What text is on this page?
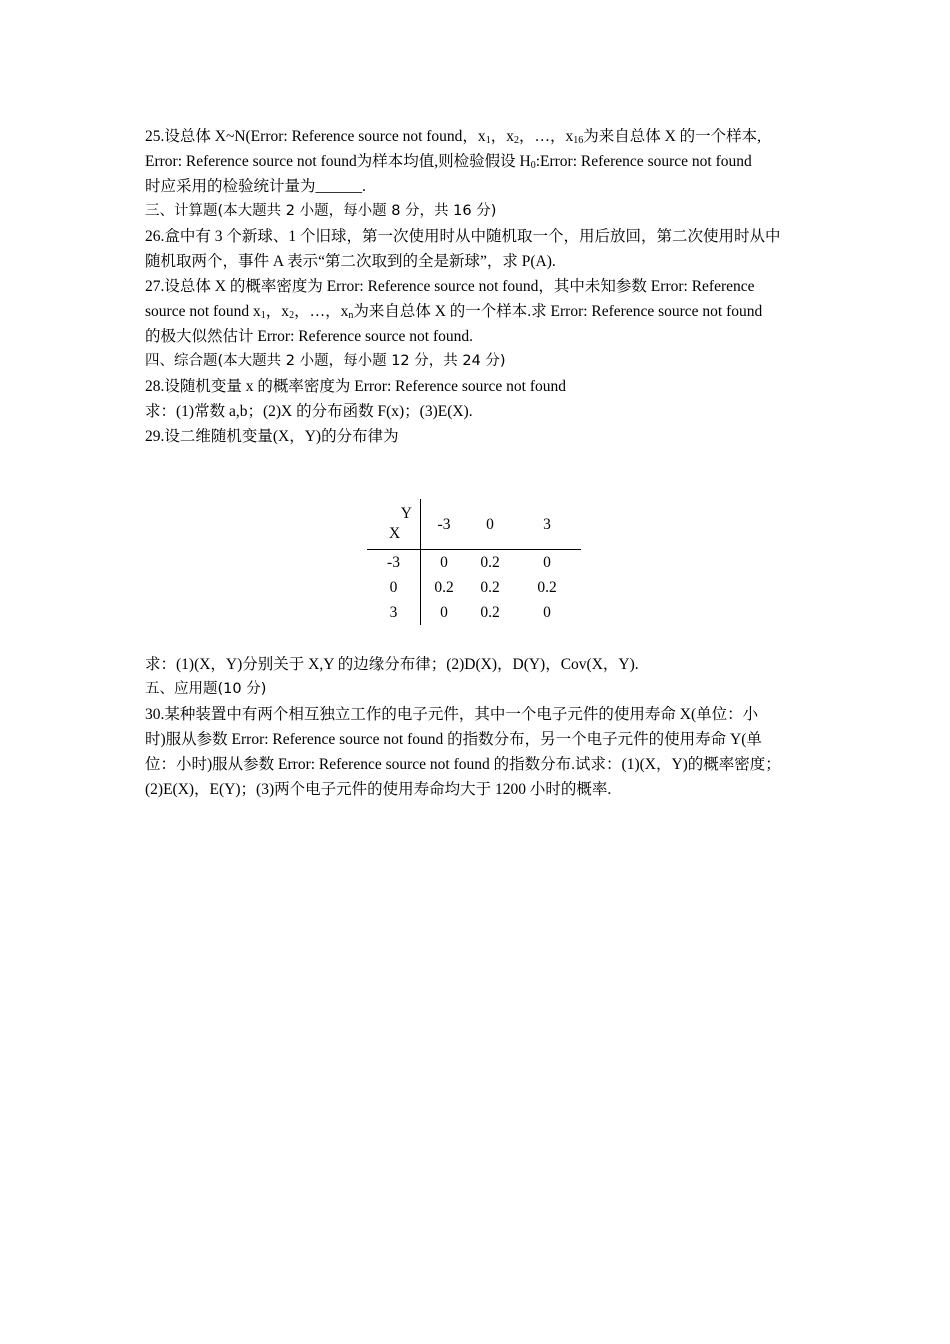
25.设总体 X~N(Error: Reference source not found，$x_1$，$x_2$，…，$x_{16}$为来自总体 X 的一个样本,
Error: Reference source not found为样本均值,则检验假设 $H_0:Error$: Reference source not found
时应采用的检验统计量为______.
三、计算题(本大题共 2 小题，每小题 8 分，共 16 分)
26.盒中有 3 个新球、1 个旧球，第一次使用时从中随机取一个，用后放回，第二次使用时从中
随机取两个，事件 A 表示“第二次取到的全是新球”，求 P(A).
27.设总体 X 的概率密度为 Error: Reference source not found，其中未知参数 Error: Reference
source not found $x_1$，$x_2$，…，$x_n$为来自总体 X 的一个样本.求 Error: Reference source not found
的极大似然估计 Error: Reference source not found.
四、综合题(本大题共 2 小题，每小题 12 分，共 24 分)
28.设随机变量 x 的概率密度为 Error: Reference source not found
求：(1)常数 a,b；(2)X 的分布函数 F(x)；(3)E(X).
29.设二维随机变量(X，Y)的分布律为
Y
X	-3	0	3
-3	0	0.2	0
0	0.2	0.2	0.2
3	0	0.2	0
求：(1)(X，Y)分别关于 X,Y 的边缘分布律；(2)D(X)，D(Y)，Cov(X，Y).
五、应用题(10 分)
30.某种装置中有两个相互独立工作的电子元件，其中一个电子元件的使用寿命 X(单位：小
时)服从参数 Error: Reference source not found 的指数分布，另一个电子元件的使用寿命 Y(单
位：小时)服从参数 Error: Reference source not found 的指数分布.试求：(1)(X，Y)的概率密度；
(2)E(X)，E(Y)；(3)两个电子元件的使用寿命均大于 1200 小时的概率.
